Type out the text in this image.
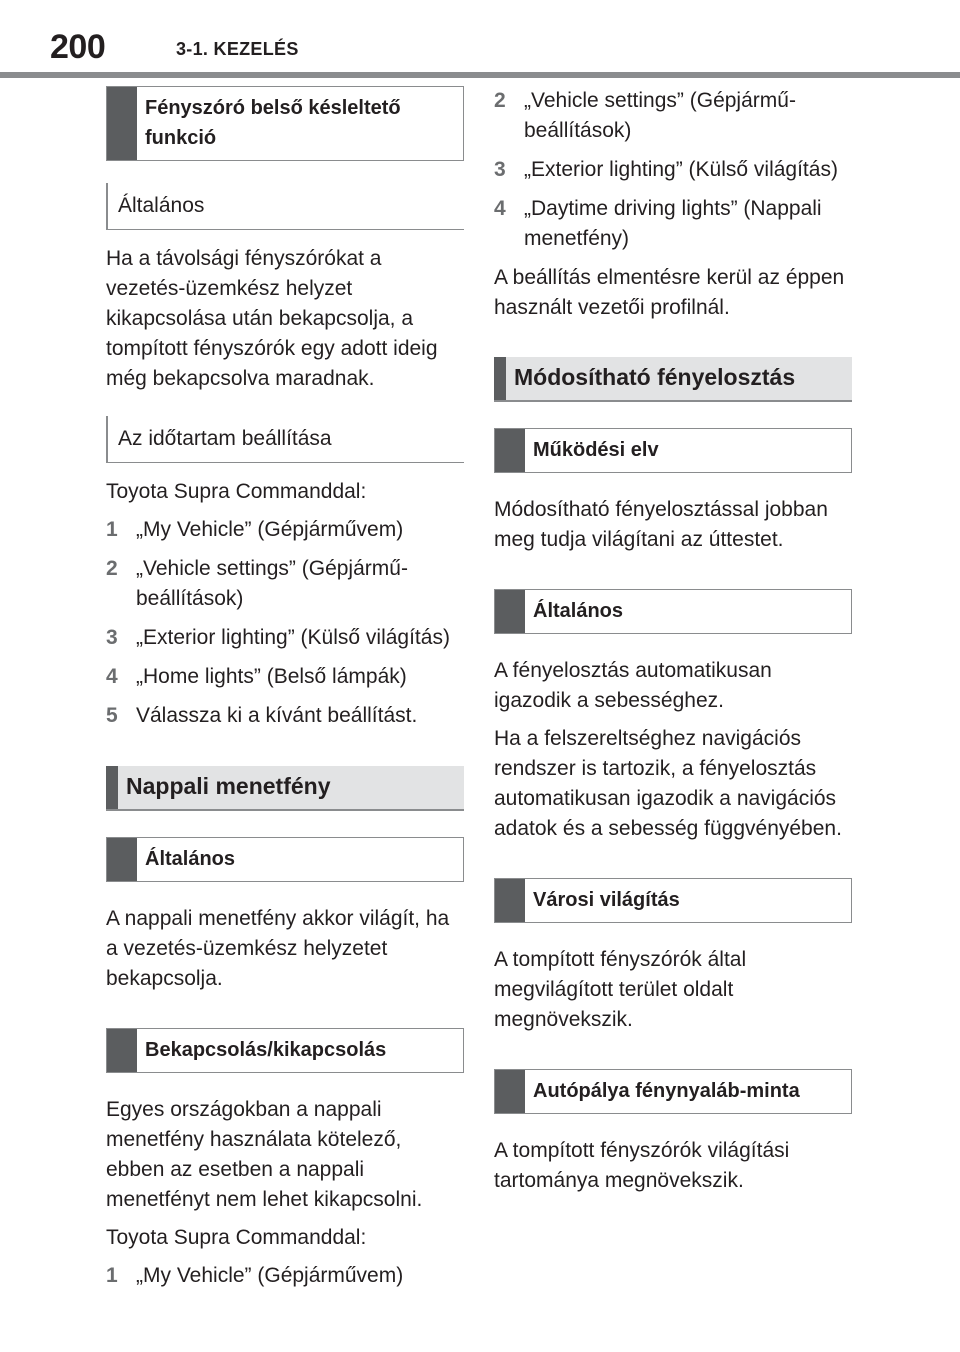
200	3-1. KEZELÉS
Fényszóró belső késleltető funkció
Általános

Ha a távolsági fényszórókat a vezetés-üzemkész helyzet kikapcsolása után bekapcsolja, a tompított fényszórók egy adott ideig még bekapcsolva maradnak.

Az időtartam beállítása

Toyota Supra Commanddal:

1 „My Vehicle” (Gépjárművem)
2 „Vehicle settings” (Gépjármű-beállítások)
3 „Exterior lighting” (Külső világítás)
4 „Home lights” (Belső lámpák)
5 Válassza ki a kívánt beállítást.
Nappali menetfény
Általános

A nappali menetfény akkor világít, ha a vezetés-üzemkész helyzetet bekapcsolja.

Bekapcsolás/kikapcsolás

Egyes országokban a nappali menetfény használata kötelező, ebben az esetben a nappali menetfényt nem lehet kikapcsolni.

Toyota Supra Commanddal:

1 „My Vehicle” (Gépjárművem)
2 „Vehicle settings” (Gépjármű-beállítások)
3 „Exterior lighting” (Külső világítás)
4 „Daytime driving lights” (Nappali menetfény)

A beállítás elmentésre kerül az éppen használt vezetői profilnál.

Módosítható fényelosztás
Működési elv

Módosítható fényelosztással jobban meg tudja világítani az úttestet.

Általános

A fényelosztás automatikusan igazodik a sebességhez.

Ha a felszereltséghez navigációs rendszer is tartozik, a fényelosztás automatikusan igazodik a navigációs adatok és a sebesség függvényében.

Városi világítás

A tompított fényszórók által megvilágított terület oldalt megnövekszik.

Autópálya fénynyaláb-minta

A tompított fényszórók világítási tartománya megnövekszik.
